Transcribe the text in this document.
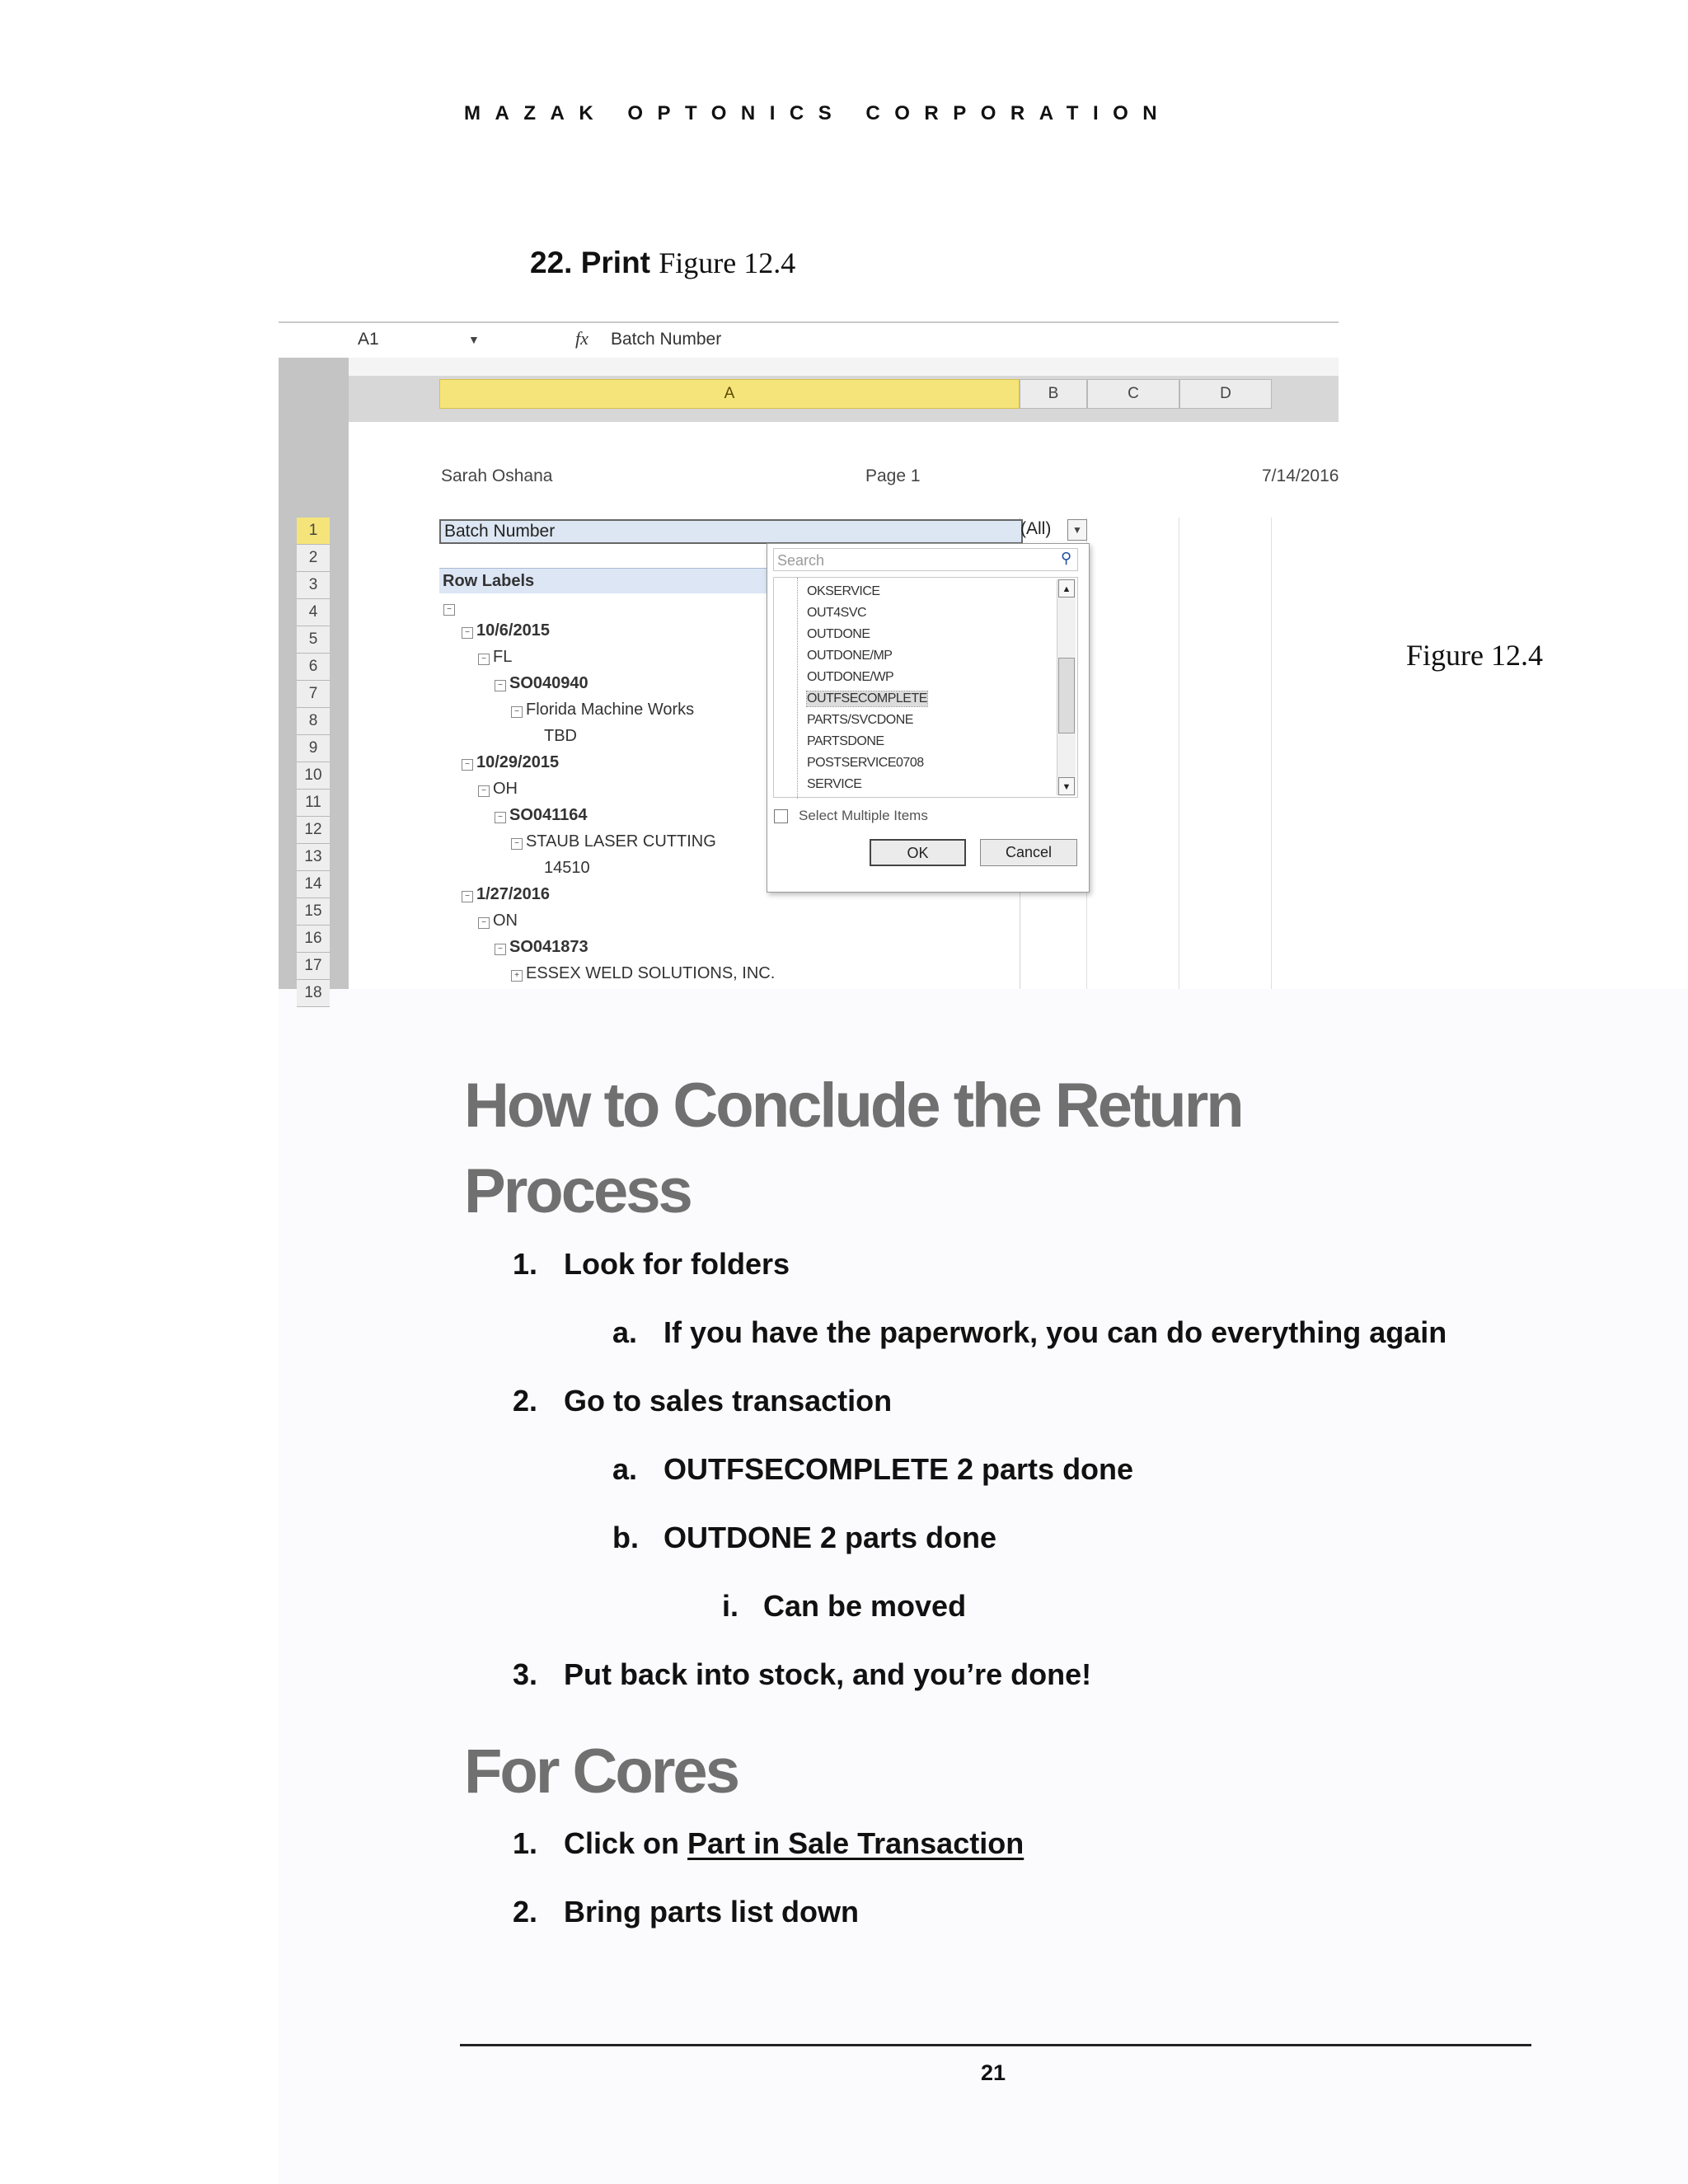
MAZAK OPTONICS CORPORATION
22. Print Figure 12.4
Figure 12.4
A1	▼	fx Batch Number
A	B	C	D
Sarah Oshana	Page 1	7/14/2016
1
2
3
4
5
6
7
8
9
10
11
12
13
14
15
16
17
18
Batch Number	(All)	▼
Row Labels
−
− 10/6/2015
− FL
− SO040940
− Florida Machine Works
TBD
− 10/29/2015
− OH
− SO041164
− STAUB LASER CUTTING
14510
− 1/27/2016
− ON
− SO041873
+ ESSEX WELD SOLUTIONS, INC.
Search	⚲
OKSERVICE
OUT4SVC
OUTDONE
OUTDONE/MP
OUTDONE/WP
OUTFSECOMPLETE
PARTS/SVCDONE
PARTSDONE
POSTSERVICE0708
SERVICE
▲
▼
Select Multiple Items
OK	Cancel
How to Conclude the Return
Process
1. Look for folders
a. If you have the paperwork, you can do everything again
2. Go to sales transaction
a. OUTFSECOMPLETE 2 parts done
b. OUTDONE 2 parts done
i. Can be moved
3. Put back into stock, and you’re done!
For Cores
1. Click on Part in Sale Transaction
2. Bring parts list down
21
